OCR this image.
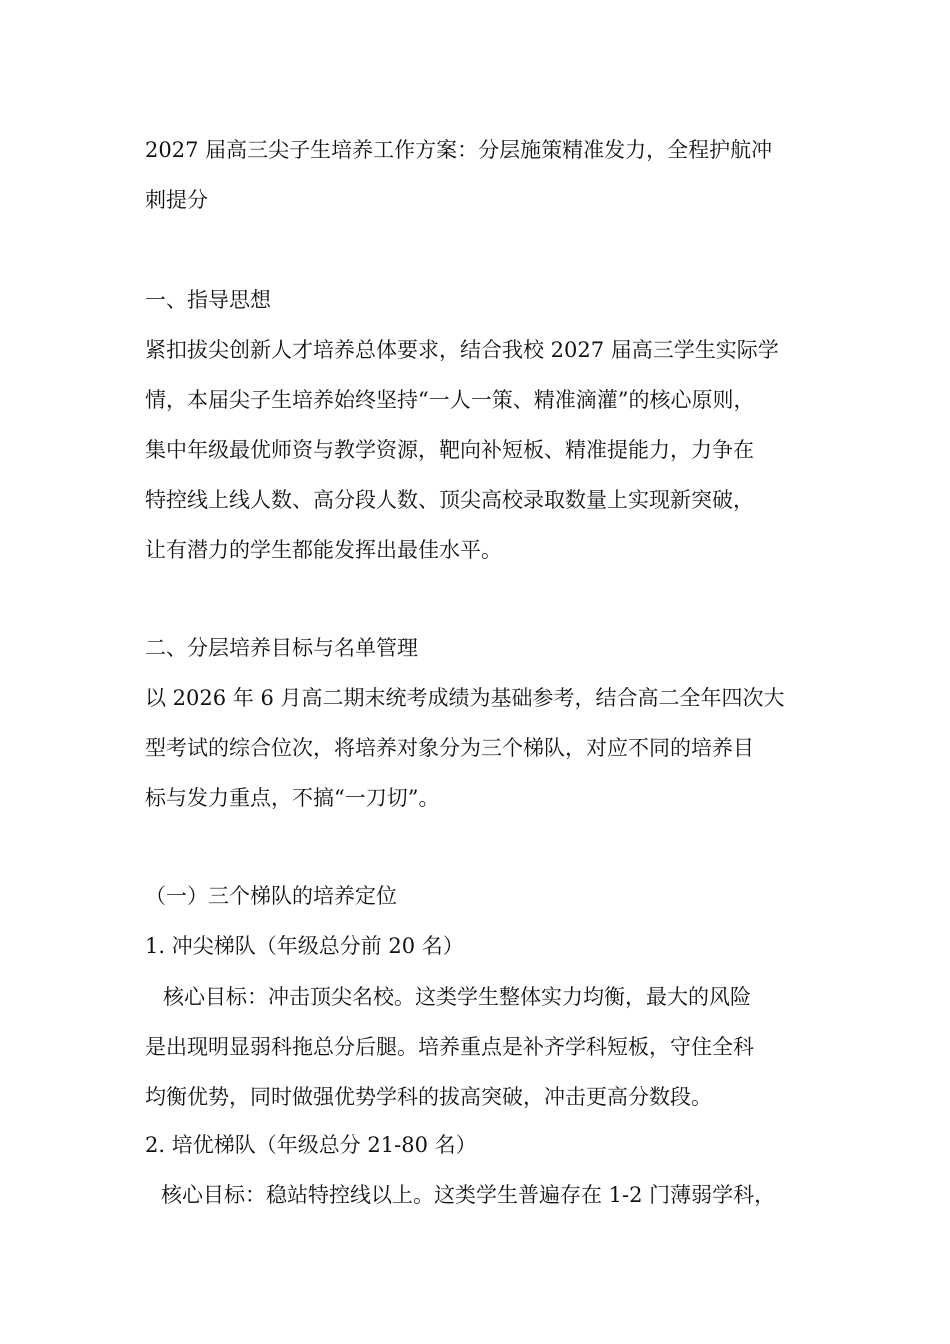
2027 届高三尖子生培养工作方案：分层施策精准发力，全程护航冲
刺提分
一、指导思想
紧扣拔尖创新人才培养总体要求，结合我校 2027 届高三学生实际学
情，本届尖子生培养始终坚持“一人一策、精准滴灌”的核心原则，
集中年级最优师资与教学资源，靶向补短板、精准提能力，力争在
特控线上线人数、高分段人数、顶尖高校录取数量上实现新突破，
让有潜力的学生都能发挥出最佳水平。
二、分层培养目标与名单管理
以 2026 年 6 月高二期末统考成绩为基础参考，结合高二全年四次大
型考试的综合位次，将培养对象分为三个梯队，对应不同的培养目
标与发力重点，不搞“一刀切”。
（一）三个梯队的培养定位
1. 冲尖梯队（年级总分前 20 名）
核心目标：冲击顶尖名校。这类学生整体实力均衡，最大的风险
是出现明显弱科拖总分后腿。培养重点是补齐学科短板，守住全科
均衡优势，同时做强优势学科的拔高突破，冲击更高分数段。
2. 培优梯队（年级总分 21-80 名）
核心目标：稳站特控线以上。这类学生普遍存在 1-2 门薄弱学科，
